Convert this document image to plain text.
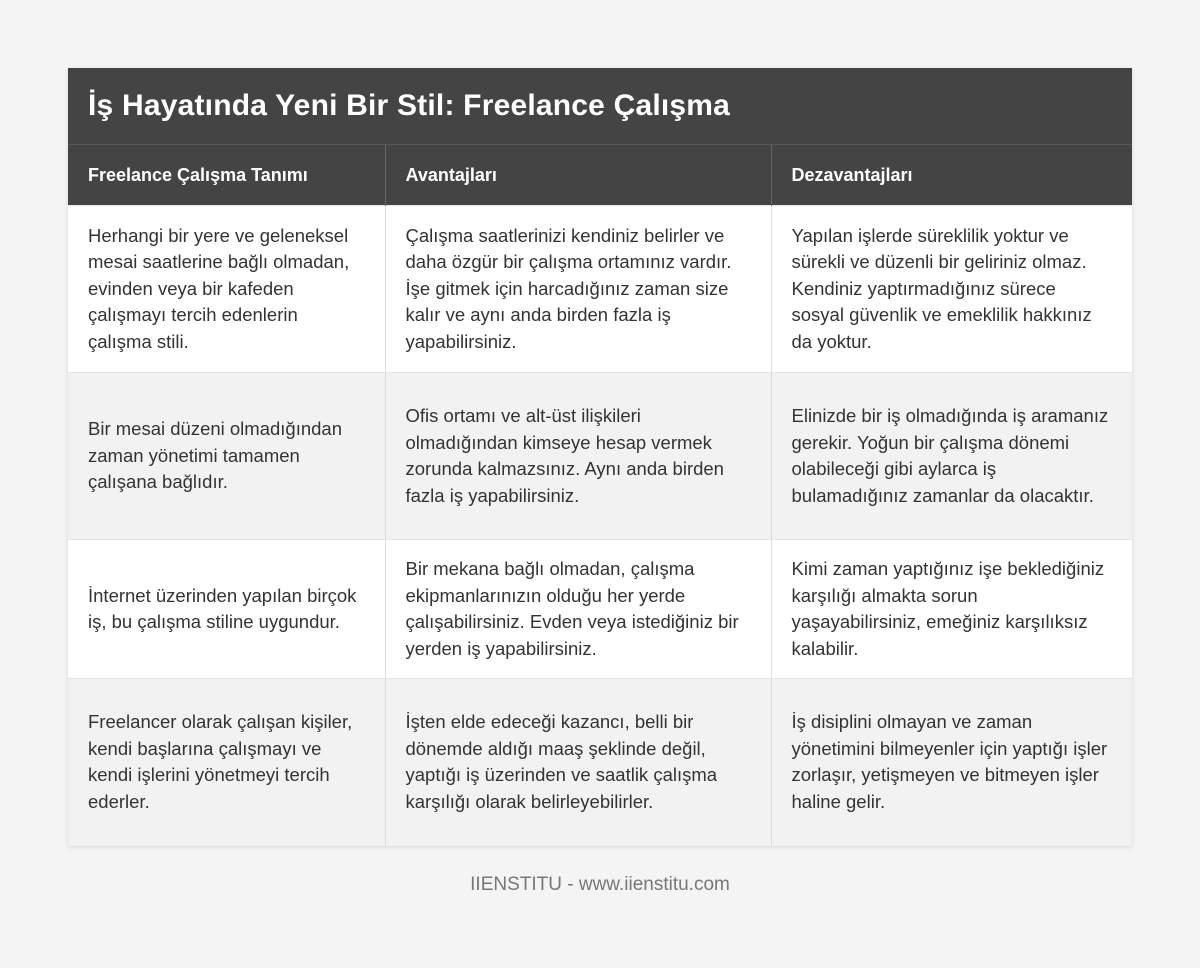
İş Hayatında Yeni Bir Stil: Freelance Çalışma
Freelance Çalışma Tanımı	Avantajları	Dezavantajları
Herhangi bir yere ve geleneksel mesai saatlerine bağlı olmadan, evinden veya bir kafeden çalışmayı tercih edenlerin çalışma stili.	Çalışma saatlerinizi kendiniz belirler ve daha özgür bir çalışma ortamınız vardır. İşe gitmek için harcadığınız zaman size kalır ve aynı anda birden fazla iş yapabilirsiniz.	Yapılan işlerde süreklilik yoktur ve sürekli ve düzenli bir geliriniz olmaz. Kendiniz yaptırmadığınız sürece sosyal güvenlik ve emeklilik hakkınız da yoktur.
Bir mesai düzeni olmadığından zaman yönetimi tamamen çalışana bağlıdır.	Ofis ortamı ve alt-üst ilişkileri olmadığından kimseye hesap vermek zorunda kalmazsınız. Aynı anda birden fazla iş yapabilirsiniz.	Elinizde bir iş olmadığında iş aramanız gerekir. Yoğun bir çalışma dönemi olabileceği gibi aylarca iş bulamadığınız zamanlar da olacaktır.
İnternet üzerinden yapılan birçok iş, bu çalışma stiline uygundur.	Bir mekana bağlı olmadan, çalışma ekipmanlarınızın olduğu her yerde çalışabilirsiniz. Evden veya istediğiniz bir yerden iş yapabilirsiniz.	Kimi zaman yaptığınız işe beklediğiniz karşılığı almakta sorun yaşayabilirsiniz, emeğiniz karşılıksız kalabilir.
Freelancer olarak çalışan kişiler, kendi başlarına çalışmayı ve kendi işlerini yönetmeyi tercih ederler.	İşten elde edeceği kazancı, belli bir dönemde aldığı maaş şeklinde değil, yaptığı iş üzerinden ve saatlik çalışma karşılığı olarak belirleyebilirler.	İş disiplini olmayan ve zaman yönetimini bilmeyenler için yaptığı işler zorlaşır, yetişmeyen ve bitmeyen işler haline gelir.
IIENSTITU - www.iienstitu.com
